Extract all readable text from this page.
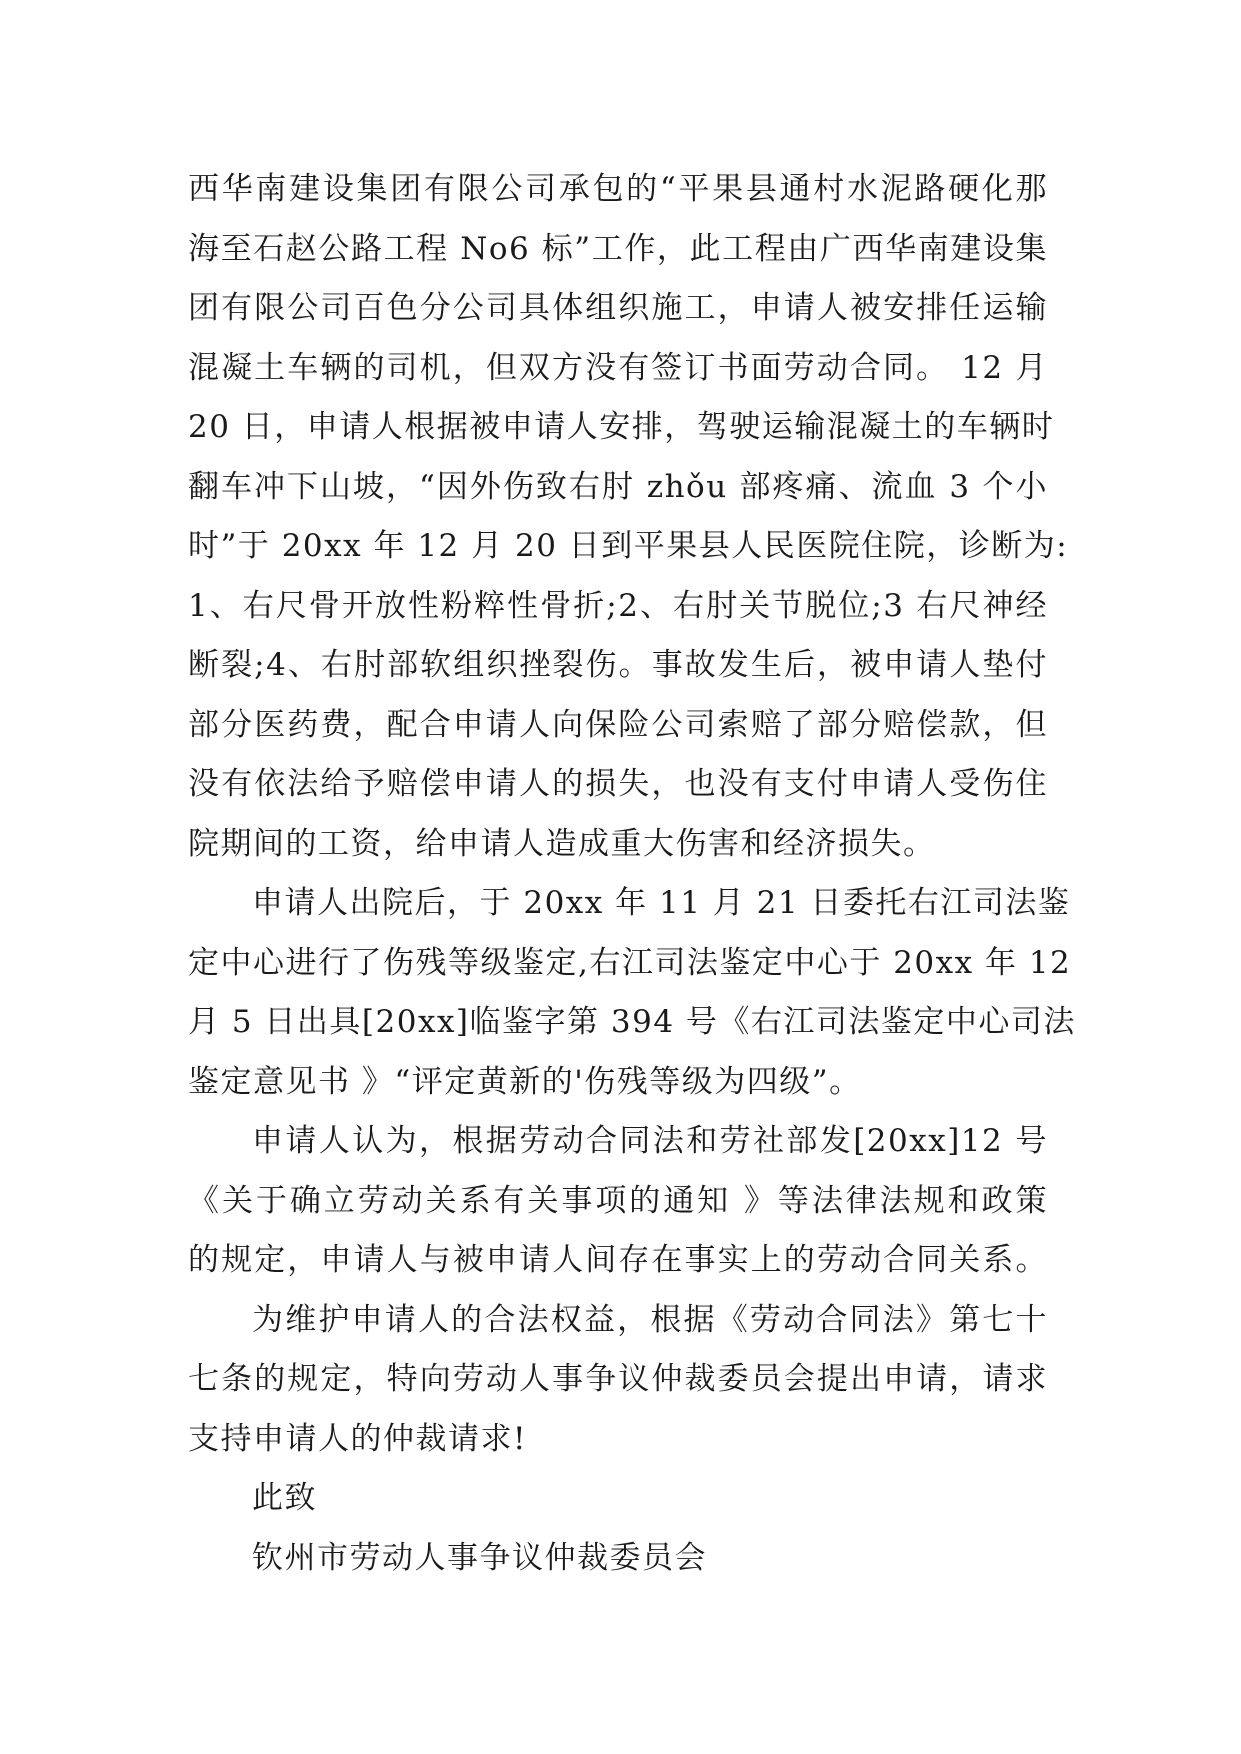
西华南建设集团有限公司承包的“平果县通村水泥路硬化那
海至石赵公路工程 No6 标”工作，此工程由广西华南建设集
团有限公司百色分公司具体组织施工，申请人被安排任运输
混凝土车辆的司机，但双方没有签订书面劳动合同。 12 月
20 日，申请人根据被申请人安排，驾驶运输混凝土的车辆时
翻车冲下山坡，“因外伤致右肘 zhǒu 部疼痛、流血 3 个小
时”于 20xx 年 12 月 20 日到平果县人民医院住院，诊断为:
1、右尺骨开放性粉粹性骨折;2、右肘关节脱位;3 右尺神经
断裂;4、右肘部软组织挫裂伤。事故发生后，被申请人垫付
部分医药费，配合申请人向保险公司索赔了部分赔偿款，但
没有依法给予赔偿申请人的损失，也没有支付申请人受伤住
院期间的工资，给申请人造成重大伤害和经济损失。
申请人出院后，于 20xx 年 11 月 21 日委托右江司法鉴
定中心进行了伤残等级鉴定,右江司法鉴定中心于 20xx 年 12
月 5 日出具[20xx]临鉴字第 394 号《右江司法鉴定中心司法
鉴定意见书 》“评定黄新的'伤残等级为四级”。
申请人认为，根据劳动合同法和劳社部发[20xx]12 号
《关于确立劳动关系有关事项的通知 》等法律法规和政策
的规定，申请人与被申请人间存在事实上的劳动合同关系。
为维护申请人的合法权益，根据《劳动合同法》第七十
七条的规定，特向劳动人事争议仲裁委员会提出申请，请求
支持申请人的仲裁请求!
此致
钦州市劳动人事争议仲裁委员会
